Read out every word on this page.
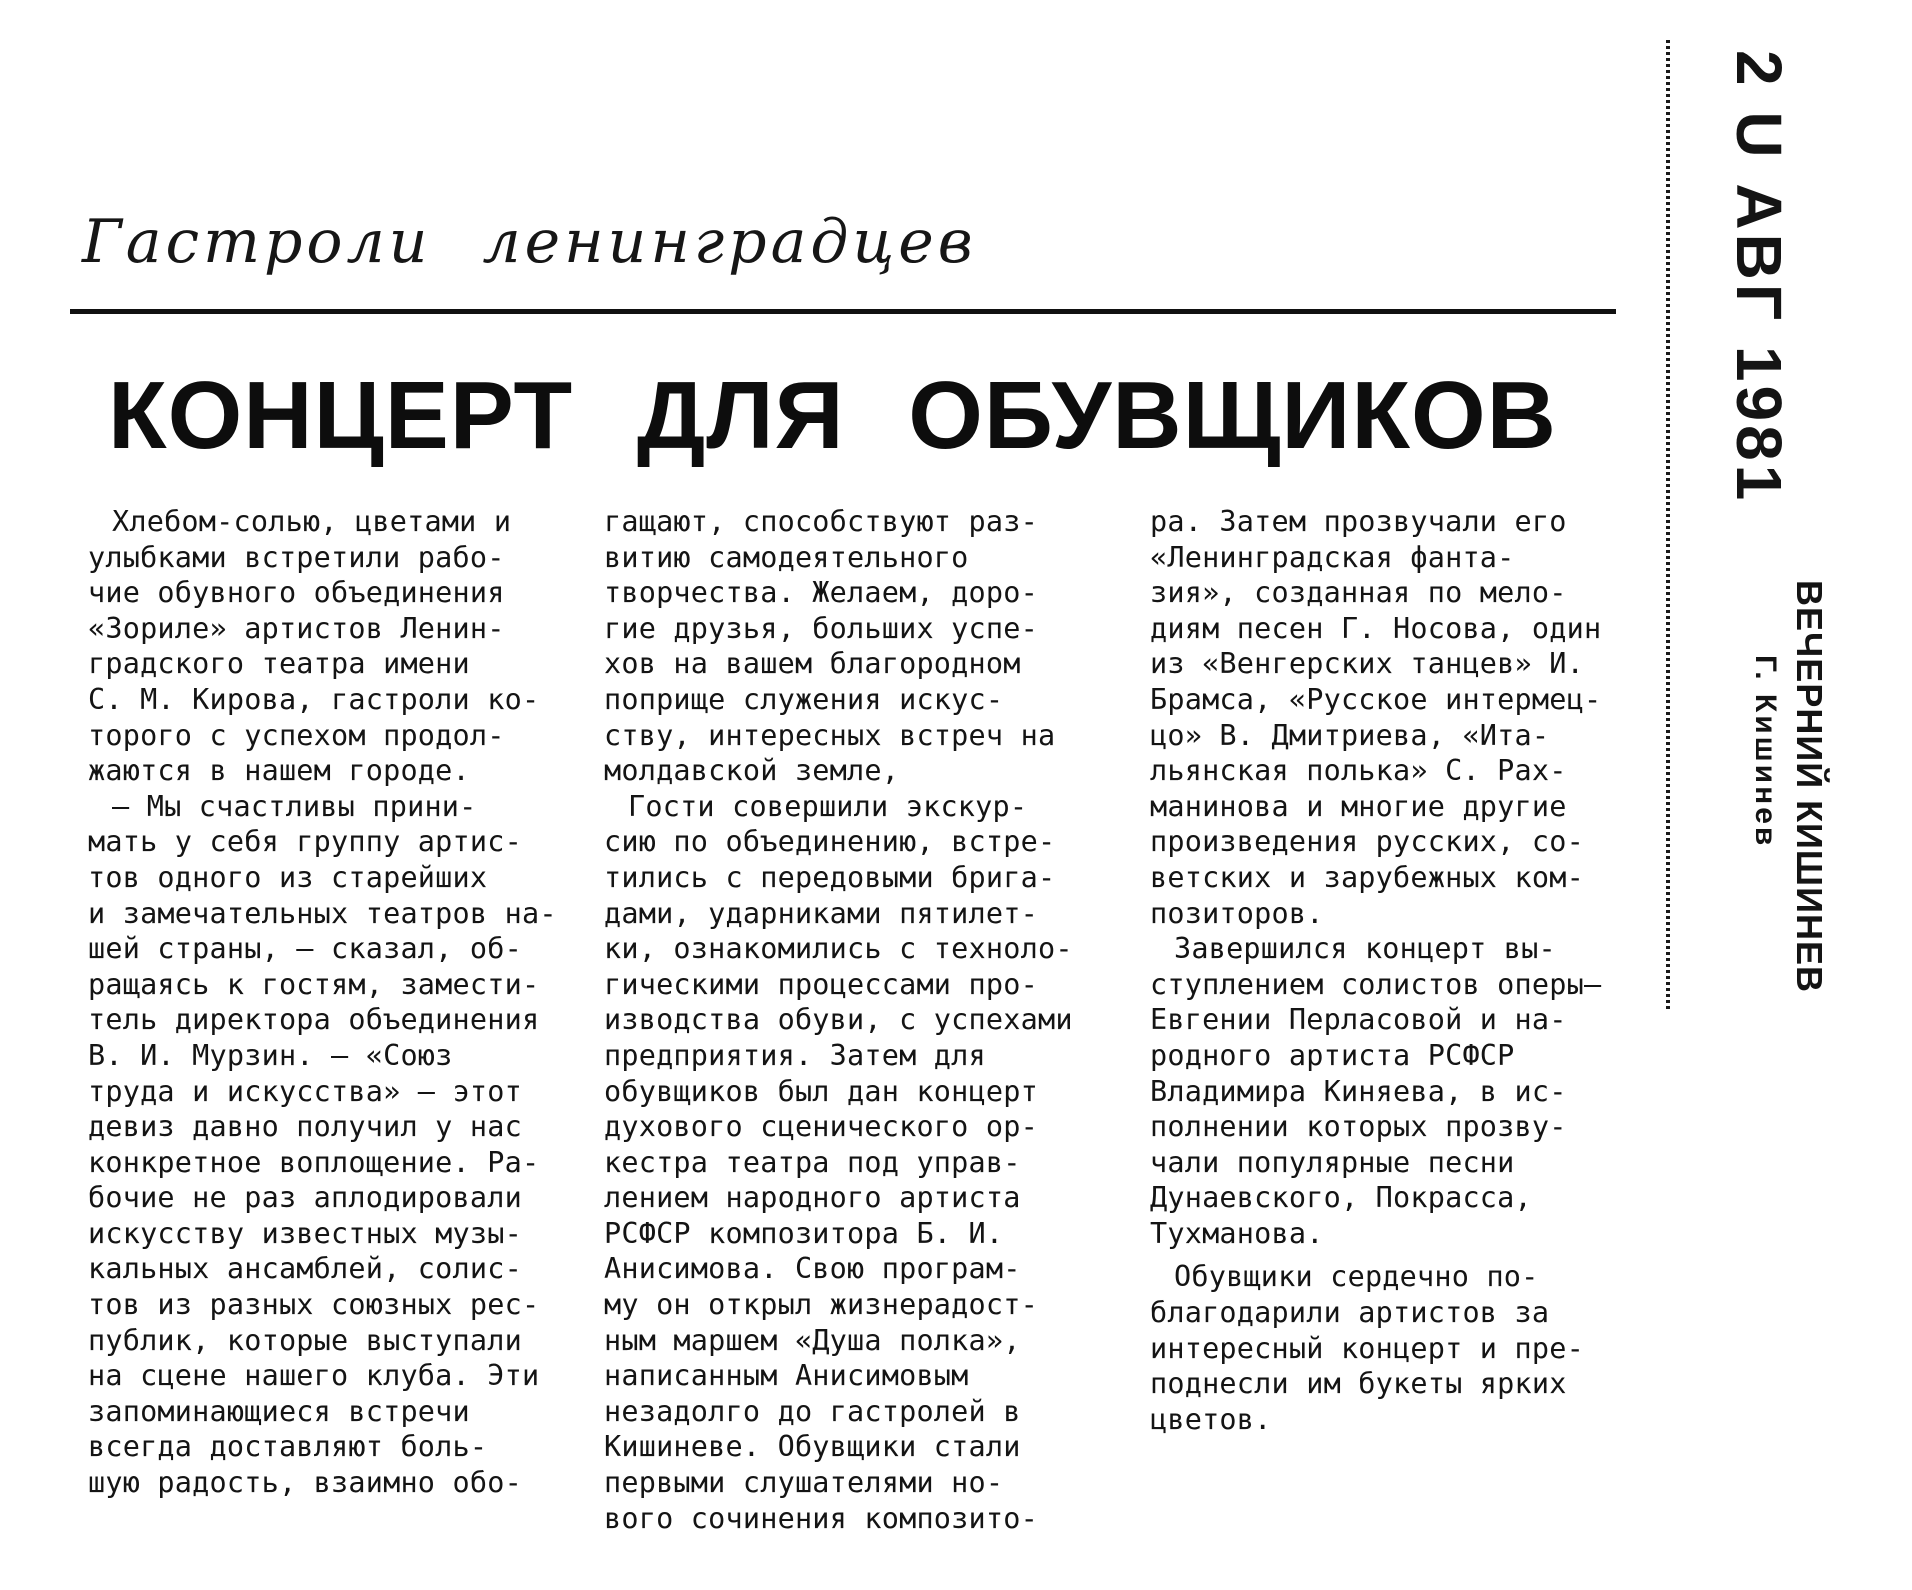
Гастроли ленинградцев
КОНЦЕРТ ДЛЯ ОБУВЩИКОВ
Хлебом-солью, цветами и
улыбками встретили рабо-
чие обувного объединения
«Зориле» артистов Ленин-
градского театра имени
С. М. Кирова, гастроли ко-
торого с успехом продол-
жаются в нашем городе.
— Мы счастливы прини-
мать у себя группу артис-
тов одного из старейших
и замечательных театров на-
шей страны, — сказал, об-
ращаясь к гостям, замести-
тель директора объединения
В. И. Мурзин. — «Союз
труда и искусства» — этот
девиз давно получил у нас
конкретное воплощение. Ра-
бочие не раз аплодировали
искусству известных музы-
кальных ансамблей, солис-
тов из разных союзных рес-
публик, которые выступали
на сцене нашего клуба. Эти
запоминающиеся встречи
всегда доставляют боль-
шую радость, взаимно обо-
гащают, способствуют раз-
витию самодеятельного
творчества. Желаем, доро-
гие друзья, больших успе-
хов на вашем благородном
поприще служения искус-
ству, интересных встреч на
молдавской земле,
Гости совершили экскур-
сию по объединению, встре-
тились с передовыми брига-
дами, ударниками пятилет-
ки, ознакомились с техноло-
гическими процессами про-
изводства обуви, с успехами
предприятия. Затем для
обувщиков был дан концерт
духового сценического ор-
кестра театра под управ-
лением народного артиста
РСФСР композитора Б. И.
Анисимова. Свою програм-
му он открыл жизнерадост-
ным маршем «Душа полка»,
написанным Анисимовым
незадолго до гастролей в
Кишиневе. Обувщики стали
первыми слушателями но-
вого сочинения композито-
ра. Затем прозвучали его
«Ленинградская фанта-
зия», созданная по мело-
диям песен Г. Носова, один
из «Венгерских танцев» И.
Брамса, «Русское интермец-
цо» В. Дмитриева, «Ита-
льянская полька» С. Рах-
манинова и многие другие
произведения русских, со-
ветских и зарубежных ком-
позиторов.
Завершился концерт вы-
ступлением солистов оперы—
Евгении Перласовой и на-
родного артиста РСФСР
Владимира Киняева, в ис-
полнении которых прозву-
чали популярные песни
Дунаевского, Покрасса,
Тухманова.
Обувщики сердечно по-
благодарили артистов за
интересный концерт и пре-
поднесли им букеты ярких
цветов.
2 U АВГ 1981
ВЕЧЕРНИЙ КИШИНЕВ
Г. Кишинев
